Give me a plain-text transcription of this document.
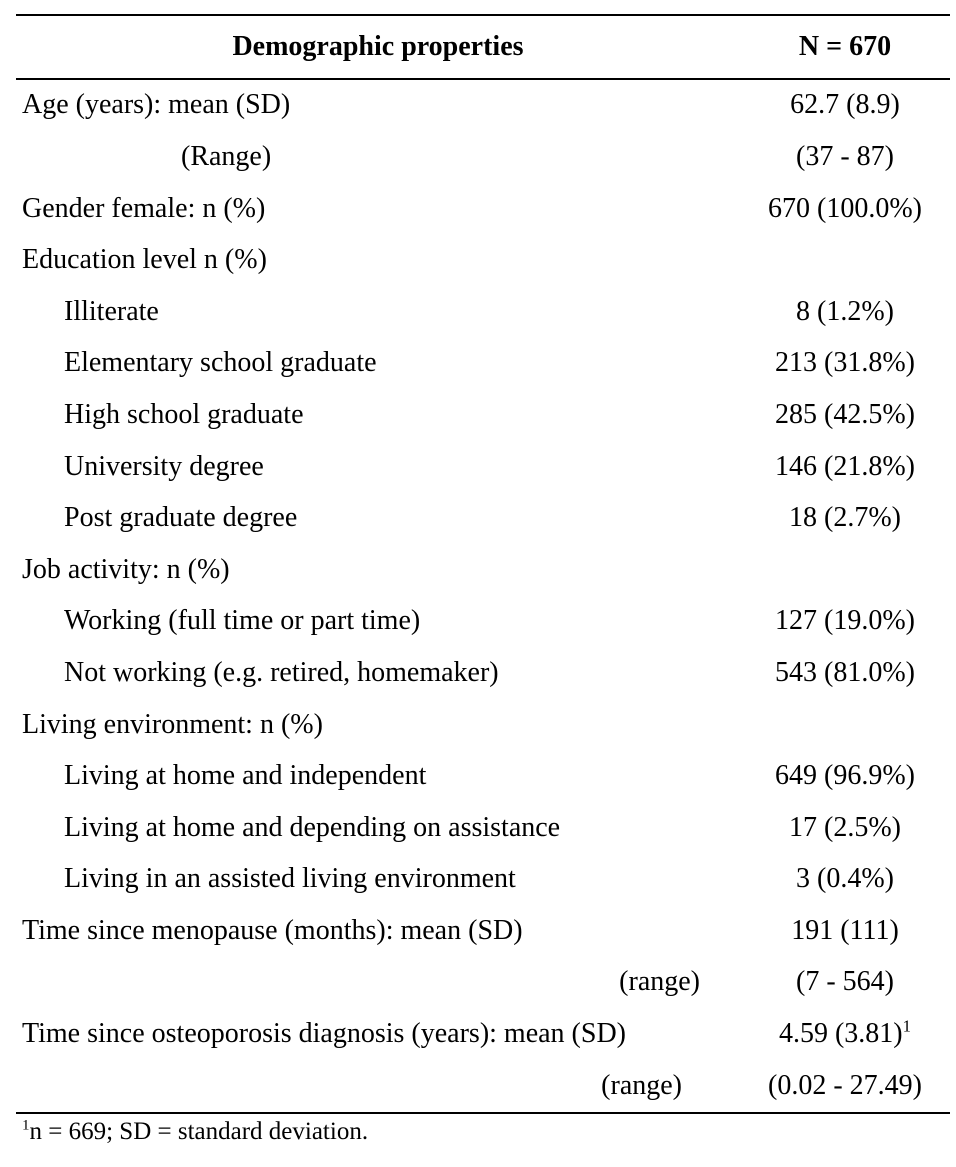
Demographic properties	N = 670
Age (years): mean (SD)	62.7 (8.9)
(Range)	(37 - 87)
Gender female: n (%)	670 (100.0%)
Education level n (%)	
Illiterate	8 (1.2%)
Elementary school graduate	213 (31.8%)
High school graduate	285 (42.5%)
University degree	146 (21.8%)
Post graduate degree	18 (2.7%)
Job activity: n (%)	
Working (full time or part time)	127 (19.0%)
Not working (e.g. retired, homemaker)	543 (81.0%)
Living environment: n (%)	
Living at home and independent	649 (96.9%)
Living at home and depending on assistance	17 (2.5%)
Living in an assisted living environment	3 (0.4%)
Time since menopause (months): mean (SD)	191 (111)
(range)	(7 - 564)
Time since osteoporosis diagnosis (years): mean (SD)	4.59 $(3.81)^1$
(range)	(0.02 - 27.49)
$^1$n = 669; SD = standard deviation.
